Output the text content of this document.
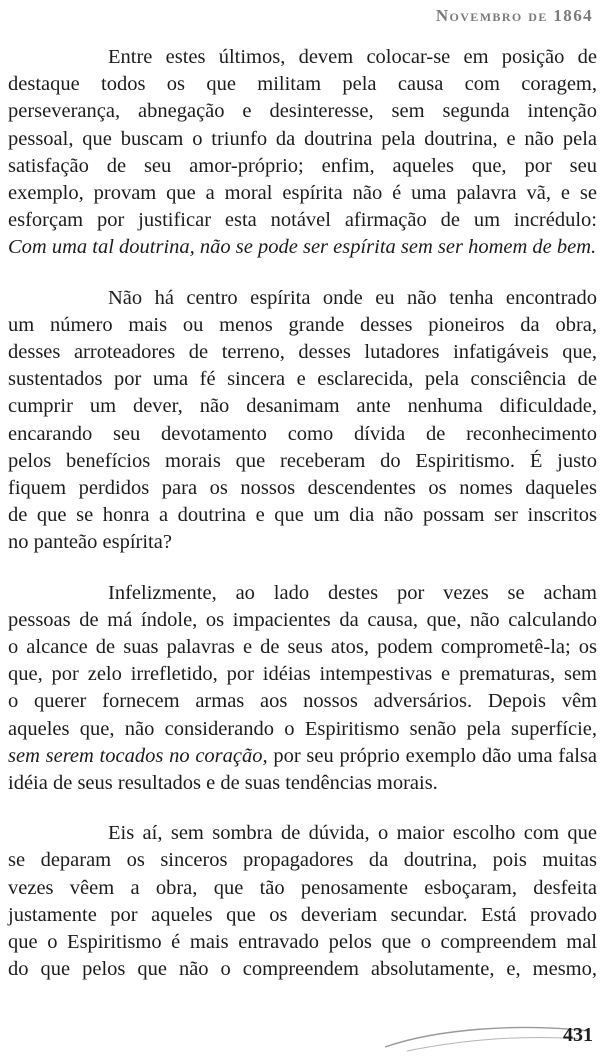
Novembro de 1864
Entre estes últimos, devem colocar-se em posição de
destaque todos os que militam pela causa com coragem,
perseverança, abnegação e desinteresse, sem segunda intenção
pessoal, que buscam o triunfo da doutrina pela doutrina, e não pela
satisfação de seu amor-próprio; enfim, aqueles que, por seu
exemplo, provam que a moral espírita não é uma palavra vã, e se
esforçam por justificar esta notável afirmação de um incrédulo:
Com uma tal doutrina, não se pode ser espírita sem ser homem de bem.
Não há centro espírita onde eu não tenha encontrado
um número mais ou menos grande desses pioneiros da obra,
desses arroteadores de terreno, desses lutadores infatigáveis que,
sustentados por uma fé sincera e esclarecida, pela consciência de
cumprir um dever, não desanimam ante nenhuma dificuldade,
encarando seu devotamento como dívida de reconhecimento
pelos benefícios morais que receberam do Espiritismo. É justo
fiquem perdidos para os nossos descendentes os nomes daqueles
de que se honra a doutrina e que um dia não possam ser inscritos
no panteão espírita?
Infelizmente, ao lado destes por vezes se acham
pessoas de má índole, os impacientes da causa, que, não calculando
o alcance de suas palavras e de seus atos, podem comprometê-la; os
que, por zelo irrefletido, por idéias intempestivas e prematuras, sem
o querer fornecem armas aos nossos adversários. Depois vêm
aqueles que, não considerando o Espiritismo senão pela superfície,
sem serem tocados no coração, por seu próprio exemplo dão uma falsa
idéia de seus resultados e de suas tendências morais.
Eis aí, sem sombra de dúvida, o maior escolho com que
se deparam os sinceros propagadores da doutrina, pois muitas
vezes vêem a obra, que tão penosamente esboçaram, desfeita
justamente por aqueles que os deveriam secundar. Está provado
que o Espiritismo é mais entravado pelos que o compreendem mal
do que pelos que não o compreendem absolutamente, e, mesmo,
431
